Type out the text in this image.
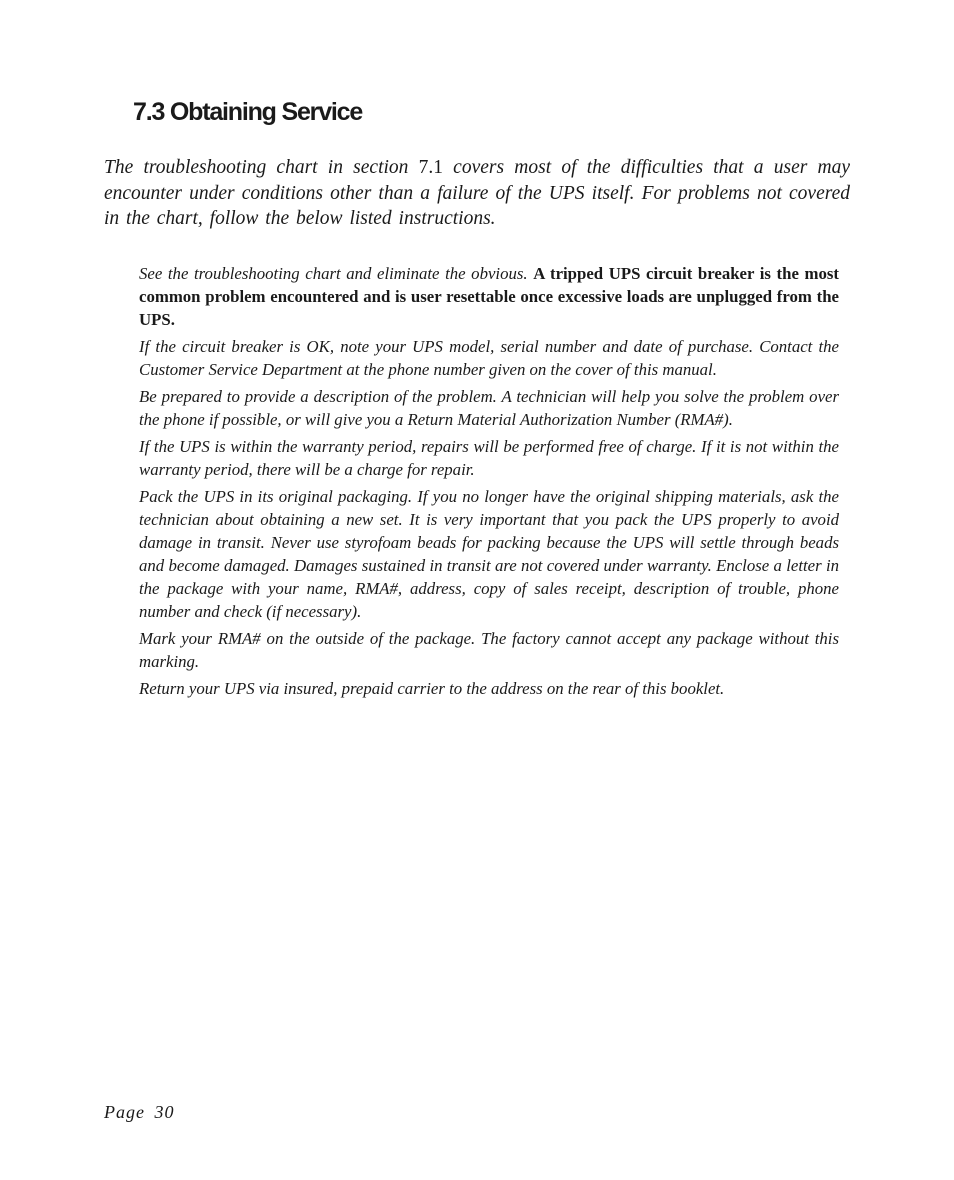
7.3 Obtaining Service

The troubleshooting chart in section 7.1 covers most of the difficulties that a user may encounter under conditions other than a failure of the UPS itself. For problems not covered in the chart, follow the below listed instructions.

See the troubleshooting chart and eliminate the obvious. A tripped UPS circuit breaker is the most common problem encountered and is user resettable once excessive loads are unplugged from the UPS.
If the circuit breaker is OK, note your UPS model, serial number and date of purchase. Contact the Customer Service Department at the phone number given on the cover of this manual.
Be prepared to provide a description of the problem. A technician will help you solve the problem over the phone if possible, or will give you a Return Material Authorization Number (RMA#).
If the UPS is within the warranty period, repairs will be performed free of charge. If it is not within the warranty period, there will be a charge for repair.
Pack the UPS in its original packaging. If you no longer have the original shipping materials, ask the technician about obtaining a new set. It is very important that you pack the UPS properly to avoid damage in transit. Never use styrofoam beads for packing because the UPS will settle through beads and become damaged. Damages sustained in transit are not covered under warranty. Enclose a letter in the package with your name, RMA#, address, copy of sales receipt, description of trouble, phone number and check (if necessary).
Mark your RMA# on the outside of the package. The factory cannot accept any package without this marking.
Return your UPS via insured, prepaid carrier to the address on the rear of this booklet.
Page 30
